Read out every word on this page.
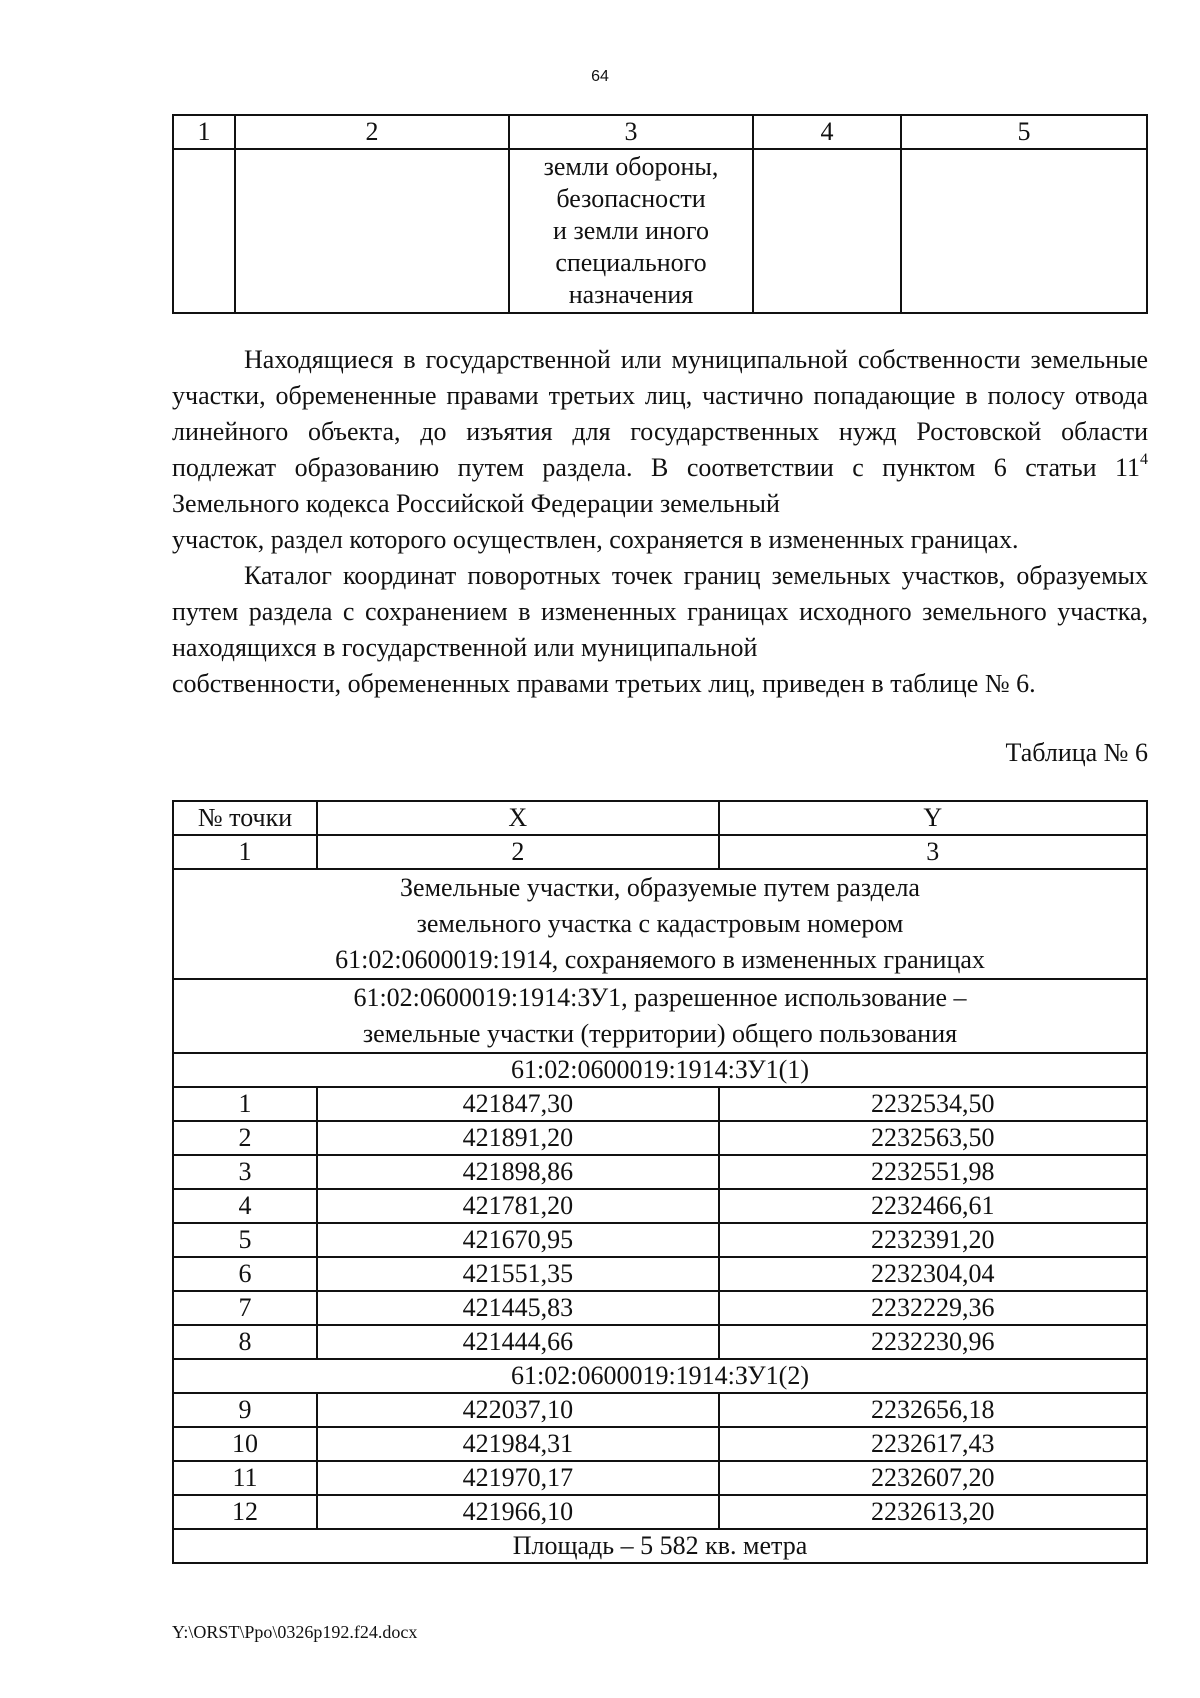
64
1	2	3	4	5

		земли обороны,
безопасности
и земли иного
специального
назначения		

Находящиеся в государственной или муниципальной собственности земельные участки, обремененные правами третьих лиц, частично попадающие в полосу отвода линейного объекта, до изъятия для государственных нужд Ростовской области подлежат образованию путем раздела. В соответствии с пунктом 6 статьи $11^4$ Земельного кодекса Российской Федерации земельный
участок, раздел которого осуществлен, сохраняется в измененных границах.
Каталог координат поворотных точек границ земельных участков, образуемых путем раздела с сохранением в измененных границах исходного земельного участка, находящихся в государственной или муниципальной
собственности, обремененных правами третьих лиц, приведен в таблице № 6.
Таблица № 6
№ точки	X	Y
1	2	3

Земельные участки, образуемые путем раздела
земельного участка с кадастровым номером
61:02:0600019:1914, сохраняемого в измененных границах		

61:02:0600019:1914:ЗУ1, разрешенное использование –
земельные участки (территории) общего пользования		

61:02:0600019:1914:ЗУ1(1)		
1	421847,30	2232534,50
2	421891,20	2232563,50
3	421898,86	2232551,98
4	421781,20	2232466,61
5	421670,95	2232391,20
6	421551,35	2232304,04
7	421445,83	2232229,36
8	421444,66	2232230,96
61:02:0600019:1914:ЗУ1(2)		
9	422037,10	2232656,18
10	421984,31	2232617,43
11	421970,17	2232607,20
12	421966,10	2232613,20
Площадь – 5 582 кв. метра		
Y:\ORST\Ppo\0326p192.f24.docx
